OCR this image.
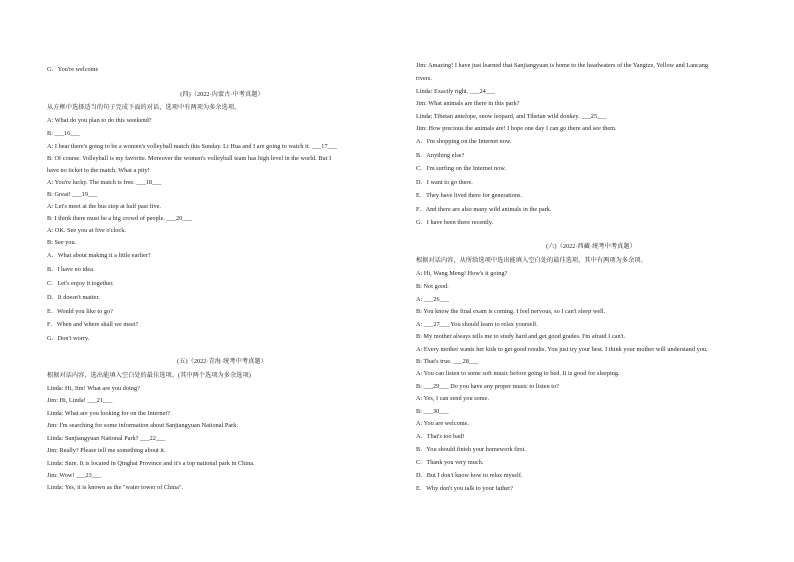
G．You're welcome
(四)（2022·内蒙古·中考真题）
从方框中选择适当的句子完成下面的对话，选项中有两项为多余选项。
A: What do you plan to do this weekend?
B: ___16___
A: I hear there's going to be a women's volleyball match this Sunday. Li Hua and I are going to watch it. ___17___
B: Of course. Volleyball is my favorite. Moreover the women's volleyball team has high level in the world. But I
have no ticket to the match. What a pity!
A: You're lucky. The match is free. ___18___
B: Great! ___19___
A: Let's meet at the bus stop at half past five.
B: I think there must be a big crowd of people. ___20___
A: OK. See you at five o'clock.
B: See you.
A．What about making it a little earlier?
B．I have no idea.
C．Let's enjoy it together.
D．It doesn't matter.
E．Would you like to go?
F．When and where shall we meet?
G．Don't worry.
(五)（2022·青海·统考中考真题）
根据对话内容，选出能填入空白处的最佳选项。(其中两个选项为多余选项)
Linda: Hi, Jim! What are you doing?
Jim: Hi, Linda! ___21___
Linda: What are you looking for on the Internet?
Jim: I'm searching for some information about Sanjiangyuan National Park.
Linda: Sanjiangyuan National Park? ___22___
Jim: Really? Please tell me something about it.
Linda: Sure. It is located in Qinghai Province and it's a top national park in China.
Jim: Wow! ___23___
Linda: Yes, it is known as the "water tower of China".
Jim: Amazing! I have just learned that Sanjiangyuan is home to the headwaters of the Yangtze, Yellow and Lancang
rivers.
Linda: Exactly right. ___24___
Jim: What animals are there in this park?
Linda: Tibetan antelope, snow leopard, and Tibetan wild donkey. ___25___
Jim: How precious the animals are! I hope one day I can go there and see them.
A．I'm shopping on the Internet now.
B．Anything else?
C．I'm surfing on the Internet now.
D．I want to go there.
E．They have lived there for generations.
F．And there are also many wild animals in the park.
G．I have been there recently.
(六)（2022·西藏·统考中考真题）
根据对话内容，从所给选项中选出能填入空白处的最佳选项，其中有两项为多余项。
A: Hi, Wang Meng! How's it going?
B: Not good.
A: ___26___
B: You know the final exam is coming. I feel nervous, so I can't sleep well.
A: ___27___ You should learn to relax yourself.
B: My mother always tells me to study hard and get good grades. I'm afraid I can't.
A: Every mother wants her kids to get good results. You just try your best. I think your mother will understand you.
B: That's true. ___28___
A: You can listen to some soft music before going to bed. It is good for sleeping.
B: ___29___ Do you have any proper music to listen to?
A: Yes, I can send you some.
B: ___30___
A: You are welcome.
A．That's too bad!
B．You should finish your homework first.
C．Thank you very much.
D．But I don't know how to relax myself.
E．Why don't you talk to your father?
